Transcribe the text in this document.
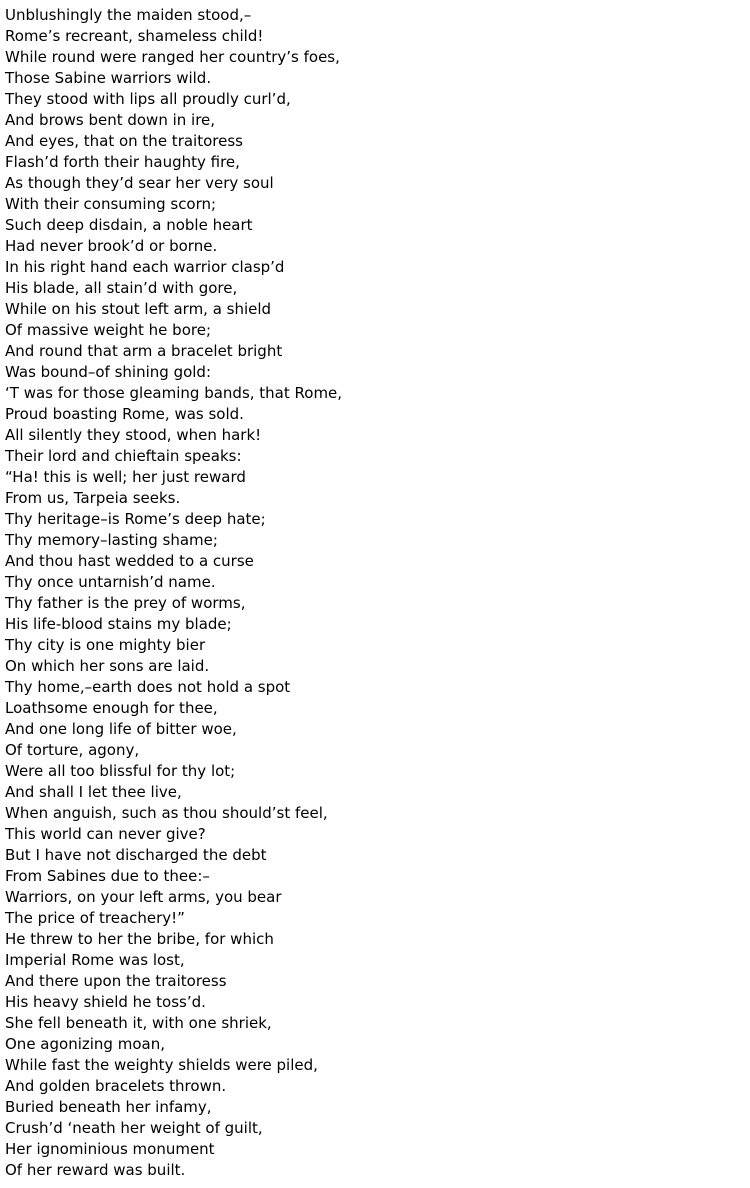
Unblushingly the maiden stood,–
Rome’s recreant, shameless child!
While round were ranged her country’s foes,
Those Sabine warriors wild.
They stood with lips all proudly curl’d,
And brows bent down in ire,
And eyes, that on the traitoress
Flash’d forth their haughty fire,
As though they’d sear her very soul
With their consuming scorn;
Such deep disdain, a noble heart
Had never brook’d or borne.
In his right hand each warrior clasp’d
His blade, all stain’d with gore,
While on his stout left arm, a shield
Of massive weight he bore;
And round that arm a bracelet bright
Was bound–of shining gold:
‘T was for those gleaming bands, that Rome,
Proud boasting Rome, was sold.
All silently they stood, when hark!
Their lord and chieftain speaks:
“Ha! this is well; her just reward
From us, Tarpeia seeks.
Thy heritage–is Rome’s deep hate;
Thy memory–lasting shame;
And thou hast wedded to a curse
Thy once untarnish’d name.
Thy father is the prey of worms,
His life-blood stains my blade;
Thy city is one mighty bier
On which her sons are laid.
Thy home,–earth does not hold a spot
Loathsome enough for thee,
And one long life of bitter woe,
Of torture, agony,
Were all too blissful for thy lot;
And shall I let thee live,
When anguish, such as thou should’st feel,
This world can never give?
But I have not discharged the debt
From Sabines due to thee:–
Warriors, on your left arms, you bear
The price of treachery!”
He threw to her the bribe, for which
Imperial Rome was lost,
And there upon the traitoress
His heavy shield he toss’d.
She fell beneath it, with one shriek,
One agonizing moan,
While fast the weighty shields were piled,
And golden bracelets thrown.
Buried beneath her infamy,
Crush’d ‘neath her weight of guilt,
Her ignominious monument
Of her reward was built.
